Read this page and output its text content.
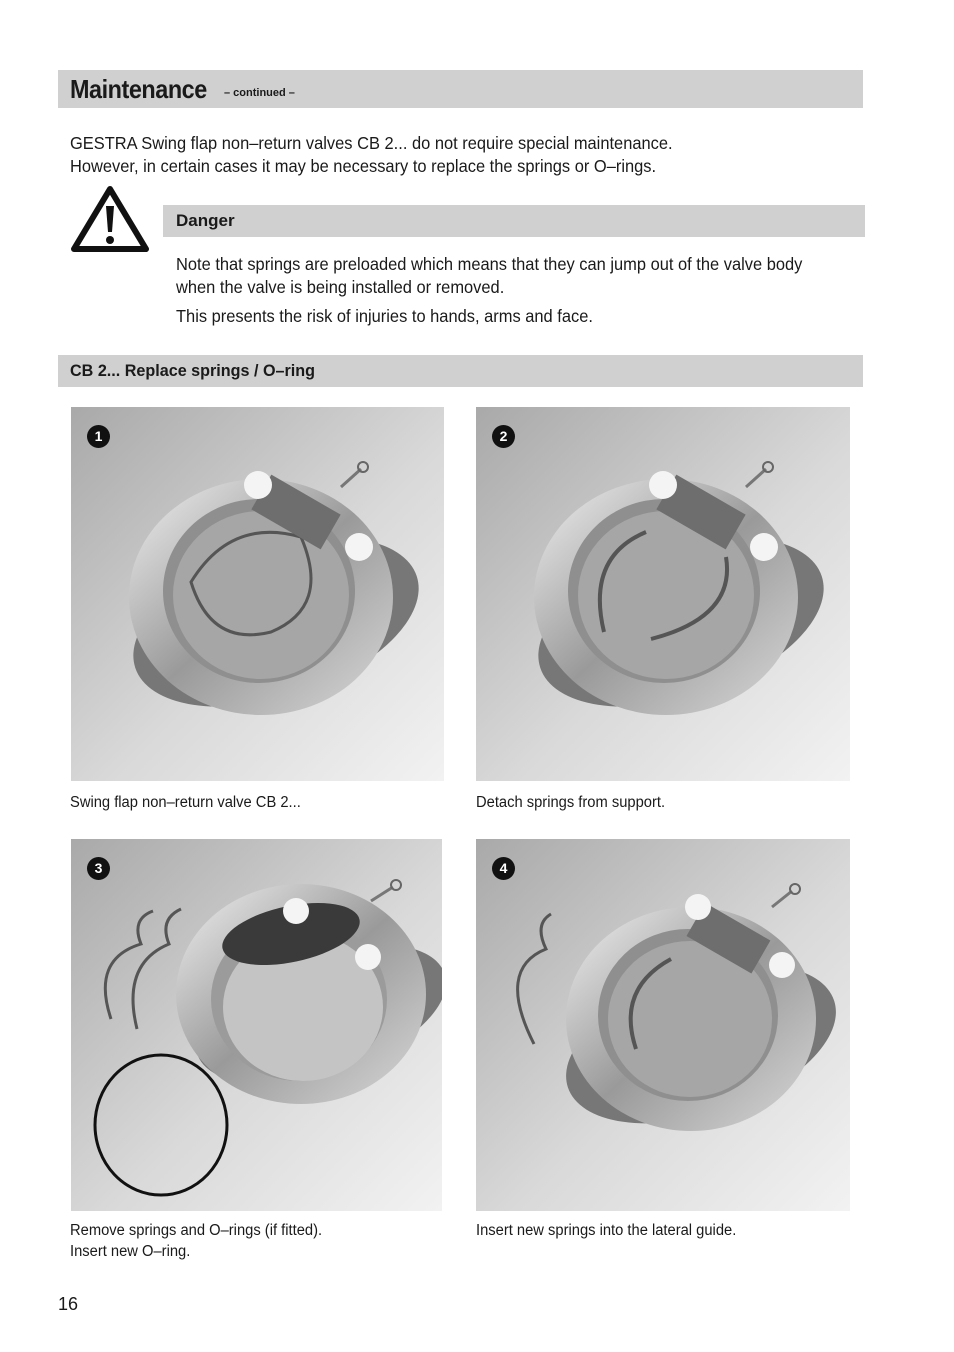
Maintenance – continued –
GESTRA Swing flap non–return valves CB 2... do not require special maintenance.
However, in certain cases it may be necessary to replace the springs or O–rings.
Danger

Note that springs are preloaded which means that they can jump out of the valve body
when the valve is being installed or removed.

This presents the risk of injuries to hands, arms and face.

CB 2... Replace springs / O–ring
1
Swing flap non–return valve CB 2...
2
Detach springs from support.
3
Remove springs and O–rings (if fitted).
Insert new O–ring.
4
Insert new springs into the lateral guide.
16
